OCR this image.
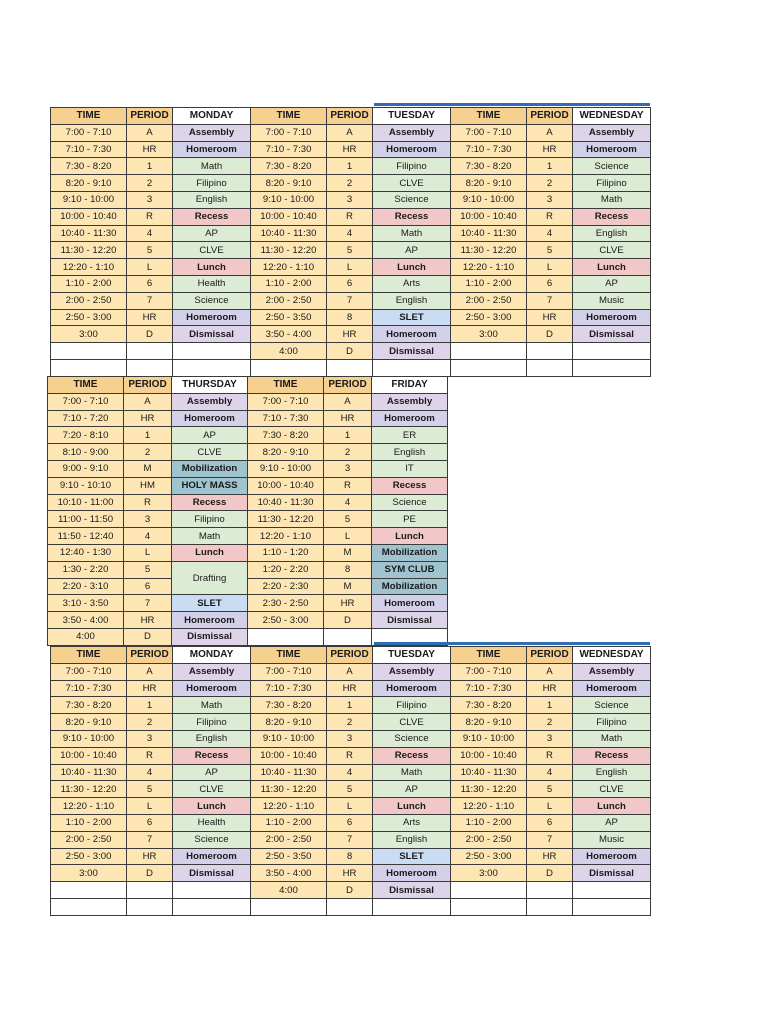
TIME	PERIOD	MONDAY	TIME	PERIOD	TUESDAY	TIME	PERIOD	WEDNESDAY
7:00 - 7:10	A	Assembly	7:00 - 7:10	A	Assembly	7:00 - 7:10	A	Assembly
7:10 - 7:30	HR	Homeroom	7:10 - 7:30	HR	Homeroom	7:10 - 7:30	HR	Homeroom
7:30 - 8:20	1	Math	7:30 - 8:20	1	Filipino	7:30 - 8:20	1	Science
8:20 - 9:10	2	Filipino	8:20 - 9:10	2	CLVE	8:20 - 9:10	2	Filipino
9:10 - 10:00	3	English	9:10 - 10:00	3	Science	9:10 - 10:00	3	Math
10:00 - 10:40	R	Recess	10:00 - 10:40	R	Recess	10:00 - 10:40	R	Recess
10:40 - 11:30	4	AP	10:40 - 11:30	4	Math	10:40 - 11:30	4	English
11:30 - 12:20	5	CLVE	11:30 - 12:20	5	AP	11:30 - 12:20	5	CLVE
12:20 - 1:10	L	Lunch	12:20 - 1:10	L	Lunch	12:20 - 1:10	L	Lunch
1:10 - 2:00	6	Health	1:10 - 2:00	6	Arts	1:10 - 2:00	6	AP
2:00 - 2:50	7	Science	2:00 - 2:50	7	English	2:00 - 2:50	7	Music
2:50 - 3:00	HR	Homeroom	2:50 - 3:50	8	SLET	2:50 - 3:00	HR	Homeroom
3:00	D	Dismissal	3:50 - 4:00	HR	Homeroom	3:00	D	Dismissal
			4:00	D	Dismissal			

TIME	PERIOD	THURSDAY	TIME	PERIOD	FRIDAY
7:00 - 7:10	A	Assembly	7:00 - 7:10	A	Assembly
7:10 - 7:20	HR	Homeroom	7:10 - 7:30	HR	Homeroom
7:20 - 8:10	1	AP	7:30 - 8:20	1	ER
8:10 - 9:00	2	CLVE	8:20 - 9:10	2	English
9:00 - 9:10	M	Mobilization	9:10 - 10:00	3	IT
9:10 - 10:10	HM	HOLY MASS	10:00 - 10:40	R	Recess
10:10 - 11:00	R	Recess	10:40 - 11:30	4	Science
11:00 - 11:50	3	Filipino	11:30 - 12:20	5	PE
11:50 - 12:40	4	Math	12:20 - 1:10	L	Lunch
12:40 - 1:30	L	Lunch	1:10 - 1:20	M	Mobilization
1:30 - 2:20	5	Drafting	1:20 - 2:20	8	SYM CLUB
2:20 - 3:10	6		2:20 - 2:30	M	Mobilization
3:10 - 3:50	7	SLET	2:30 - 2:50	HR	Homeroom
3:50 - 4:00	HR	Homeroom	2:50 - 3:00	D	Dismissal
4:00	D	Dismissal			
TIME	PERIOD	MONDAY	TIME	PERIOD	TUESDAY	TIME	PERIOD	WEDNESDAY
7:00 - 7:10	A	Assembly	7:00 - 7:10	A	Assembly	7:00 - 7:10	A	Assembly
7:10 - 7:30	HR	Homeroom	7:10 - 7:30	HR	Homeroom	7:10 - 7:30	HR	Homeroom
7:30 - 8:20	1	Math	7:30 - 8:20	1	Filipino	7:30 - 8:20	1	Science
8:20 - 9:10	2	Filipino	8:20 - 9:10	2	CLVE	8:20 - 9:10	2	Filipino
9:10 - 10:00	3	English	9:10 - 10:00	3	Science	9:10 - 10:00	3	Math
10:00 - 10:40	R	Recess	10:00 - 10:40	R	Recess	10:00 - 10:40	R	Recess
10:40 - 11:30	4	AP	10:40 - 11:30	4	Math	10:40 - 11:30	4	English
11:30 - 12:20	5	CLVE	11:30 - 12:20	5	AP	11:30 - 12:20	5	CLVE
12:20 - 1:10	L	Lunch	12:20 - 1:10	L	Lunch	12:20 - 1:10	L	Lunch
1:10 - 2:00	6	Health	1:10 - 2:00	6	Arts	1:10 - 2:00	6	AP
2:00 - 2:50	7	Science	2:00 - 2:50	7	English	2:00 - 2:50	7	Music
2:50 - 3:00	HR	Homeroom	2:50 - 3:50	8	SLET	2:50 - 3:00	HR	Homeroom
3:00	D	Dismissal	3:50 - 4:00	HR	Homeroom	3:00	D	Dismissal
			4:00	D	Dismissal			
